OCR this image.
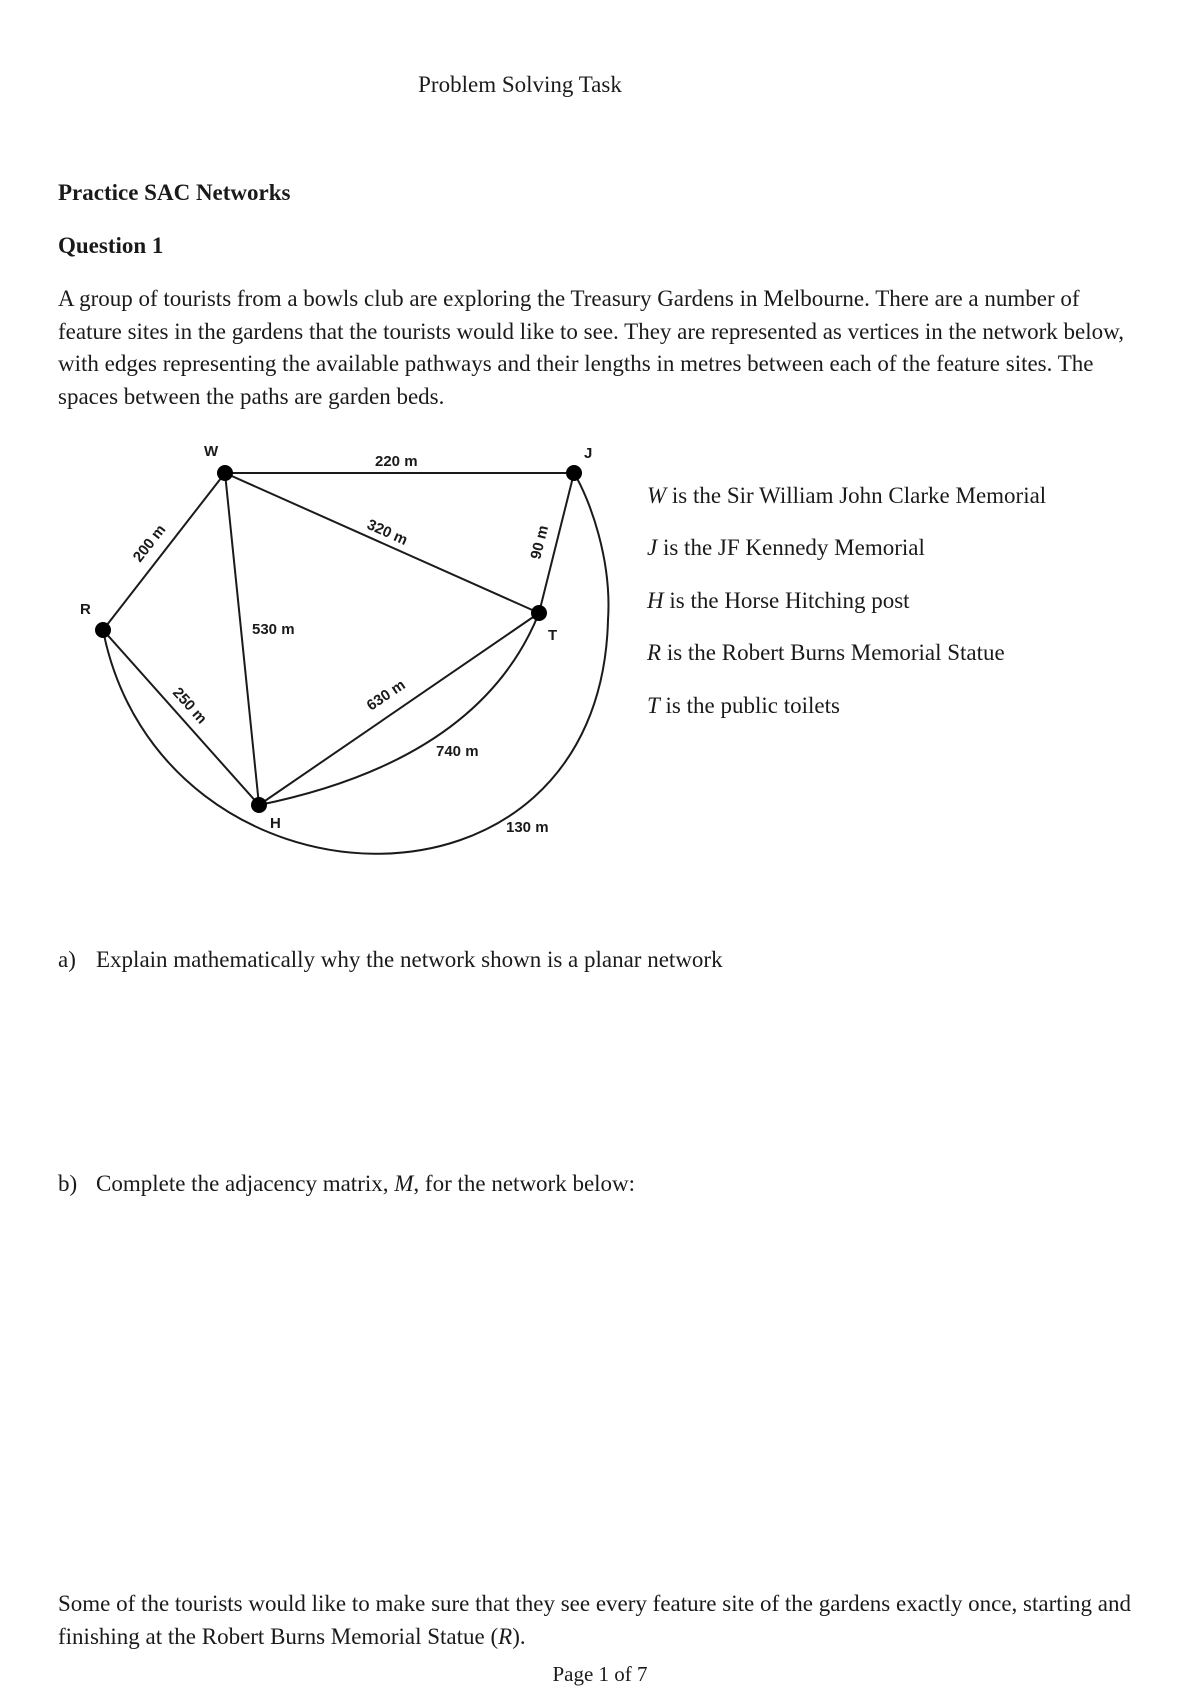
Problem Solving Task
Practice SAC Networks
Question 1
A group of tourists from a bowls club are exploring the Treasury Gardens in Melbourne. There are a number of feature sites in the gardens that the tourists would like to see. They are represented as vertices in the network below, with edges representing the available pathways and their lengths in metres between each of the feature sites. The spaces between the paths are garden beds.
W	J
R
T
H
220 m
320 m	90 m
200 m
530 m
250 m	630 m
740 m
130 m
W is the Sir William John Clarke Memorial
J is the JF Kennedy Memorial
H is the Horse Hitching post
R is the Robert Burns Memorial Statue
T is the public toilets
a) Explain mathematically why the network shown is a planar network
b) Complete the adjacency matrix, M, for the network below:
Some of the tourists would like to make sure that they see every feature site of the gardens exactly once, starting and finishing at the Robert Burns Memorial Statue (R).
Page 1 of 7
